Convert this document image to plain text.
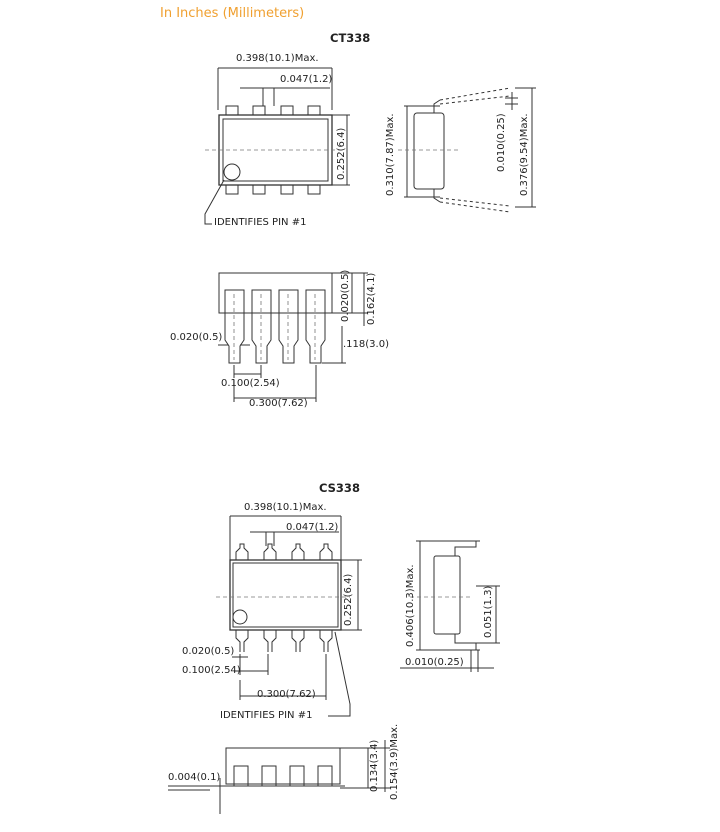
In Inches (Millimeters)
CT338
0.398(10.1)Max.
0.047(1.2)
0.252(6.4)	0.310(7.87)Max.	0.010(0.25) 0.376(9.54)Max.
IDENTIFIES PIN #1
0.020(0.5) 0.162(4.1)
0.020(0.5)
.118(3.0)
0.100(2.54)
0.300(7.62)
CS338
0.398(10.1)Max.
0.047(1.2)
0.252(6.4)	0.406(10.3)Max.	0.051(1.3)
0.010(0.25)
0.020(0.5)
0.100(2.54)
0.300(7.62)
IDENTIFIES PIN #1
0.004(0.1)	0.134(3.4) 0.154(3.9)Max.
